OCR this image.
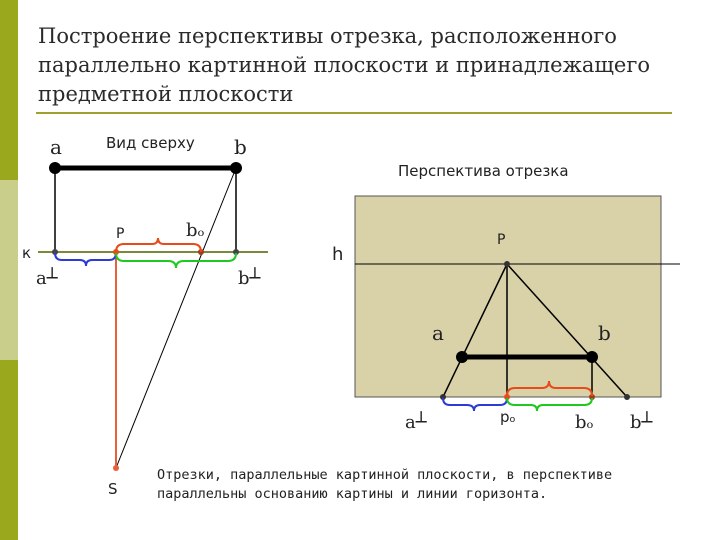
Построение перспективы отрезка, расположенного параллельно картинной плоскости и принадлежащего предметной плоскости
a	Вид сверху b
к
P	bₒ
a┴	b┴
S
Перспектива отрезка
h
P
a	b
a┴	pₒ	bₒ b┴
Отрезки, параллельные картинной плоскости, в перспективе параллельны основанию картины и линии горизонта.
